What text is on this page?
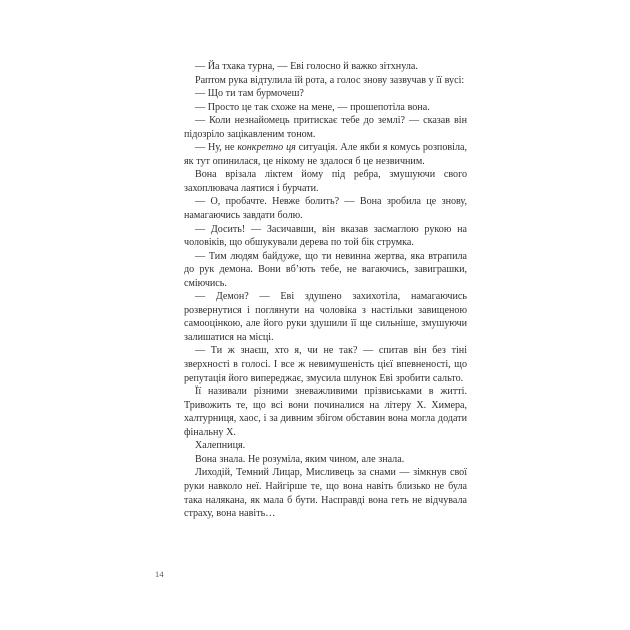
— Йа тхака турна, — Еві голосно й важко зітхнула.

Раптом рука відтулила їй рота, а голос знову зазвучав у її вусі:

— Що ти там бурмочеш?

— Просто це так схоже на мене, — прошепотіла вона.

— Коли незнайомець притискає тебе до землі? — сказав він підозріло зацікавленим тоном.

— Ну, не конкретно ця ситуація. Але якби я комусь розповіла, як тут опинилася, це нікому не здалося б це незвичним.

Вона врізала ліктем йому під ребра, змушуючи свого захоплювача лаятися і бурчати.

— О, пробачте. Невже болить? — Вона зробила це знову, намагаючись завдати болю.

— Досить! — Засичавши, він вказав засмаглою рукою на чоловіків, що обшукували дерева по той бік струмка.

— Тим людям байдуже, що ти невинна жертва, яка втрапила до рук демона. Вони вб’ють тебе, не вагаючись, завиграшки, сміючись.

— Демон? — Еві здушено захихотіла, намагаючись розвернутися і поглянути на чоловіка з настільки завищеною самооцінкою, але його руки здушили її ще сильніше, змушуючи залишатися на місці.

— Ти ж знаєш, хто я, чи не так? — спитав він без тіні зверхності в голосі. І все ж невимушеність цієї впевненості, що репутація його випереджає, змусила шлунок Еві зробити сальто.

Її називали різними зневажливими прізвиськами в житті. Тривожить те, що всі вони починалися на літеру Х. Химера, халтурниця, хаос, і за дивним збігом обставин вона могла додати фінальну Х.

Халепниця.

Вона знала. Не розуміла, яким чином, але знала.

Лиходій, Темний Лицар, Мисливець за снами — зімкнув свої руки навколо неї. Найгірше те, що вона навіть близько не була така налякана, як мала б бути. Насправді вона геть не відчувала страху, вона навіть…

14
